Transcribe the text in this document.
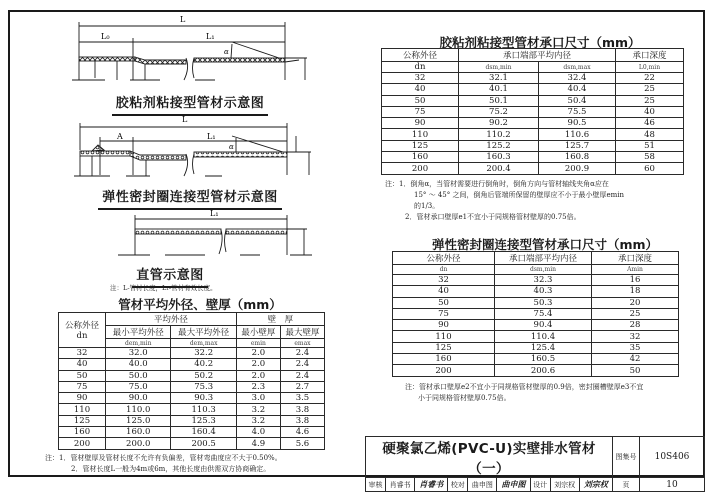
L
L₀	L₁
α
L
A	L₁
α
L₁
胶粘剂粘接型管材示意图
弹性密封圈连接型管材示意图
直管示意图
注：L-管材长度，L₁-管材有效长度。
管材平均外径、壁厚（mm）
公称外径
dn	平均外径		壁　厚	
	最小平均外径	最大平均外径	最小壁厚	最大壁厚
	dem,min	dem,max	emin	emax
32	32.0	32.2	2.0	2.4
40	40.0	40.2	2.0	2.4
50	50.0	50.2	2.0	2.4
75	75.0	75.3	2.3	2.7
90	90.0	90.3	3.0	3.5
110	110.0	110.3	3.2	3.8
125	125.0	125.3	3.2	3.8
160	160.0	160.4	4.0	4.6
200	200.0	200.5	4.9	5.6
注：1．管材壁厚及管材长度不允许有负偏差，管材弯曲度应不大于0.50%。
2．管材长度L一般为4m或6m，其他长度由供需双方协商确定。
胶粘剂粘接型管材承口尺寸（mm）
公称外径	承口端部平均内径		承口深度
dn	dsm,min	dsm,max	L0,min
32	32.1	32.4	22
40	40.1	40.4	25
50	50.1	50.4	25
75	75.2	75.5	40
90	90.2	90.5	46
110	110.2	110.6	48
125	125.2	125.7	51
160	160.3	160.8	58
200	200.4	200.9	60
注：1．倒角α，当管材需要进行倒角时，倒角方向与管材轴线夹角α应在
15° ～ 45° 之间，倒角后管端所保留的壁厚应不小于最小壁厚emin
的1/3。
2．管材承口壁厚e1不宜小于同规格管材壁厚的0.75倍。
弹性密封圈连接型管材承口尺寸（mm）
公称外径	承口端部平均内径	承口深度
dn	dsm,min	Amin
32	32.3	16
40	40.3	18
50	50.3	20
75	75.4	25
90	90.4	28
110	110.4	32
125	125.4	35
160	160.5	42
200	200.6	50
注：管材承口壁厚e2不宜小于同规格管材壁厚的0.9倍，密封圈槽壁厚e3不宜
小于同规格管材壁厚0.75倍。
硬聚氯乙烯(PVC-U)实壁排水管材（一）									图集号	10S406
审核	肖睿书	肖睿书	校对	曲申图	曲申图	设计	刘宗权	刘宗权	页	10
